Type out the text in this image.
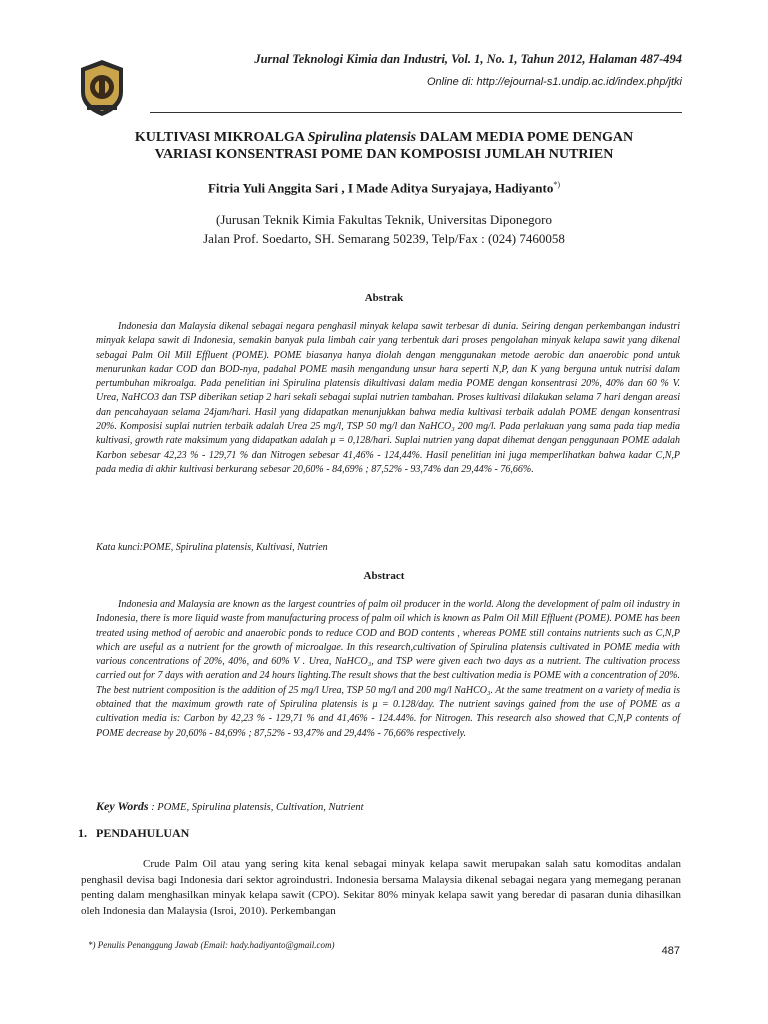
Jurnal Teknologi Kimia dan Industri, Vol. 1, No. 1, Tahun 2012, Halaman 487-494
Online di: http://ejournal-s1.undip.ac.id/index.php/jtki
KULTIVASI MIKROALGA Spirulina platensis DALAM MEDIA POME DENGAN
VARIASI KONSENTRASI POME DAN KOMPOSISI JUMLAH NUTRIEN
Fitria Yuli Anggita Sari , I Made Aditya Suryajaya, Hadiyanto*)
(Jurusan Teknik Kimia Fakultas Teknik, Universitas Diponegoro
Jalan Prof. Soedarto, SH. Semarang 50239, Telp/Fax : (024) 7460058
Abstrak
Indonesia dan Malaysia dikenal sebagai negara penghasil minyak kelapa sawit terbesar di dunia. Seiring dengan perkembangan industri minyak kelapa sawit di Indonesia, semakin banyak pula limbah cair yang terbentuk dari proses pengolahan minyak kelapa sawit yang dikenal sebagai Palm Oil Mill Effluent (POME). POME biasanya hanya diolah dengan menggunakan metode aerobic dan anaerobic pond untuk menurunkan kadar COD dan BOD-nya, padahal POME masih mengandung unsur hara seperti N,P, dan K yang berguna untuk nutrisi dalam pertumbuhan mikroalga. Pada penelitian ini Spirulina platensis dikultivasi dalam media POME dengan konsentrasi 20%, 40% dan 60 % V. Urea, NaHCO3 dan TSP diberikan setiap 2 hari sekali sebagai suplai nutrien tambahan. Proses kultivasi dilakukan selama 7 hari dengan areasi dan pencahayaan selama 24jam/hari. Hasil yang didapatkan menunjukkan bahwa media kultivasi terbaik adalah POME dengan konsentrasi 20%. Komposisi suplai nutrien terbaik adalah Urea 25 mg/l, TSP 50 mg/l dan NaHCO₃ 200 mg/l. Pada perlakuan yang sama pada tiap media kultivasi, growth rate maksimum yang didapatkan adalah μ = 0,128/hari. Suplai nutrien yang dapat dihemat dengan penggunaan POME adalah Karbon sebesar 42,23 % - 129,71 % dan Nitrogen sebesar 41,46% - 124,44%. Hasil penelitian ini juga memperlihatkan bahwa kadar C,N,P pada media di akhir kultivasi berkurang sebesar 20,60% - 84,69% ; 87,52% - 93,74% dan 29,44% - 76,66%.
Kata kunci:POME, Spirulina platensis, Kultivasi, Nutrien
Abstract
Indonesia and Malaysia are known as the largest countries of palm oil producer in the world. Along the development of palm oil industry in Indonesia, there is more liquid waste from manufacturing process of palm oil which is known as Palm Oil Mill Effluent (POME). POME has been treated using method of aerobic and anaerobic ponds to reduce COD and BOD contents , whereas POME still contains nutrients such as C,N,P which are useful as a nutrient for the growth of microalgae. In this research,cultivation of Spirulina platensis cultivated in POME media with various concentrations of 20%, 40%, and 60% V . Urea, NaHCO₃, and TSP were given each two days as a nutrient. The cultivation process carried out for 7 days with aeration and 24 hours lighting.The result shows that the best cultivation media is POME with a concentration of 20%. The best nutrient composition is the addition of 25 mg/l Urea, TSP 50 mg/l and 200 mg/l NaHCO₃. At the same treatment on a variety of media is obtained that the maximum growth rate of Spirulina platensis is μ = 0.128/day. The nutrient savings gained from the use of POME as a cultivation media is: Carbon by 42,23 % - 129,71 % and 41,46% - 124.44%. for Nitrogen. This research also showed that C,N,P contents of POME decrease by 20,60% - 84,69% ; 87,52% - 93,47% and 29,44% - 76,66% respectively.
Key Words : POME, Spirulina platensis, Cultivation, Nutrient
1. PENDAHULUAN
Crude Palm Oil atau yang sering kita kenal sebagai minyak kelapa sawit merupakan salah satu komoditas andalan penghasil devisa bagi Indonesia dari sektor agroindustri. Indonesia bersama Malaysia dikenal sebagai negara yang memegang peranan penting dalam menghasilkan minyak kelapa sawit (CPO). Sekitar 80% minyak kelapa sawit yang beredar di pasaran dunia dihasilkan oleh Indonesia dan Malaysia (Isroi, 2010). Perkembangan
*) Penulis Penanggung Jawab (Email: hady.hadiyanto@gmail.com)	487
